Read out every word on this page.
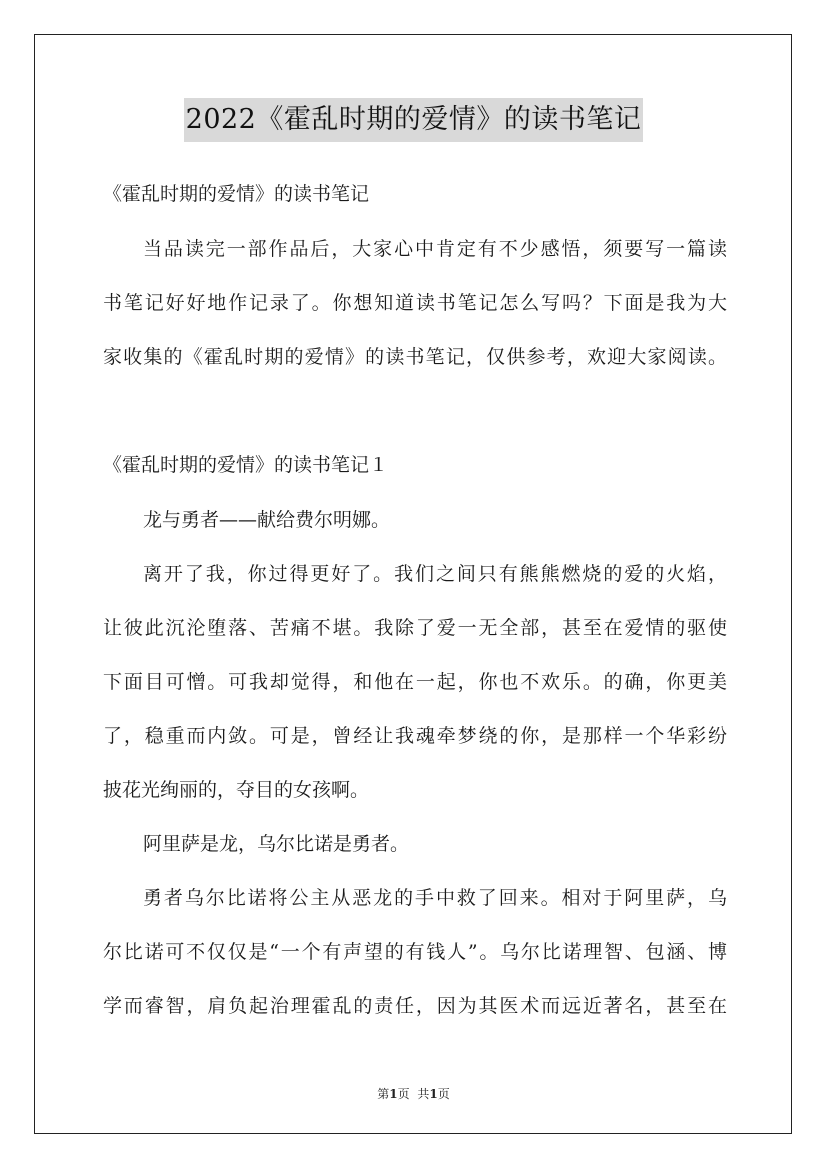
2022《霍乱时期的爱情》的读书笔记
《霍乱时期的爱情》的读书笔记
当品读完一部作品后，大家心中肯定有不少感悟，须要写一篇读
书笔记好好地作记录了。你想知道读书笔记怎么写吗？下面是我为大
家收集的《霍乱时期的爱情》的读书笔记，仅供参考，欢迎大家阅读。
《霍乱时期的爱情》的读书笔记１
龙与勇者——献给费尔明娜。
离开了我，你过得更好了。我们之间只有熊熊燃烧的爱的火焰，
让彼此沉沦堕落、苦痛不堪。我除了爱一无全部，甚至在爱情的驱使
下面目可憎。可我却觉得，和他在一起，你也不欢乐。的确，你更美
了，稳重而内敛。可是，曾经让我魂牵梦绕的你，是那样一个华彩纷
披花光绚丽的，夺目的女孩啊。
阿里萨是龙，乌尔比诺是勇者。
勇者乌尔比诺将公主从恶龙的手中救了回来。相对于阿里萨，乌
尔比诺可不仅仅是“一个有声望的有钱人”。乌尔比诺理智、包涵、博
学而睿智，肩负起治理霍乱的责任，因为其医术而远近著名，甚至在
第1页 共1页
